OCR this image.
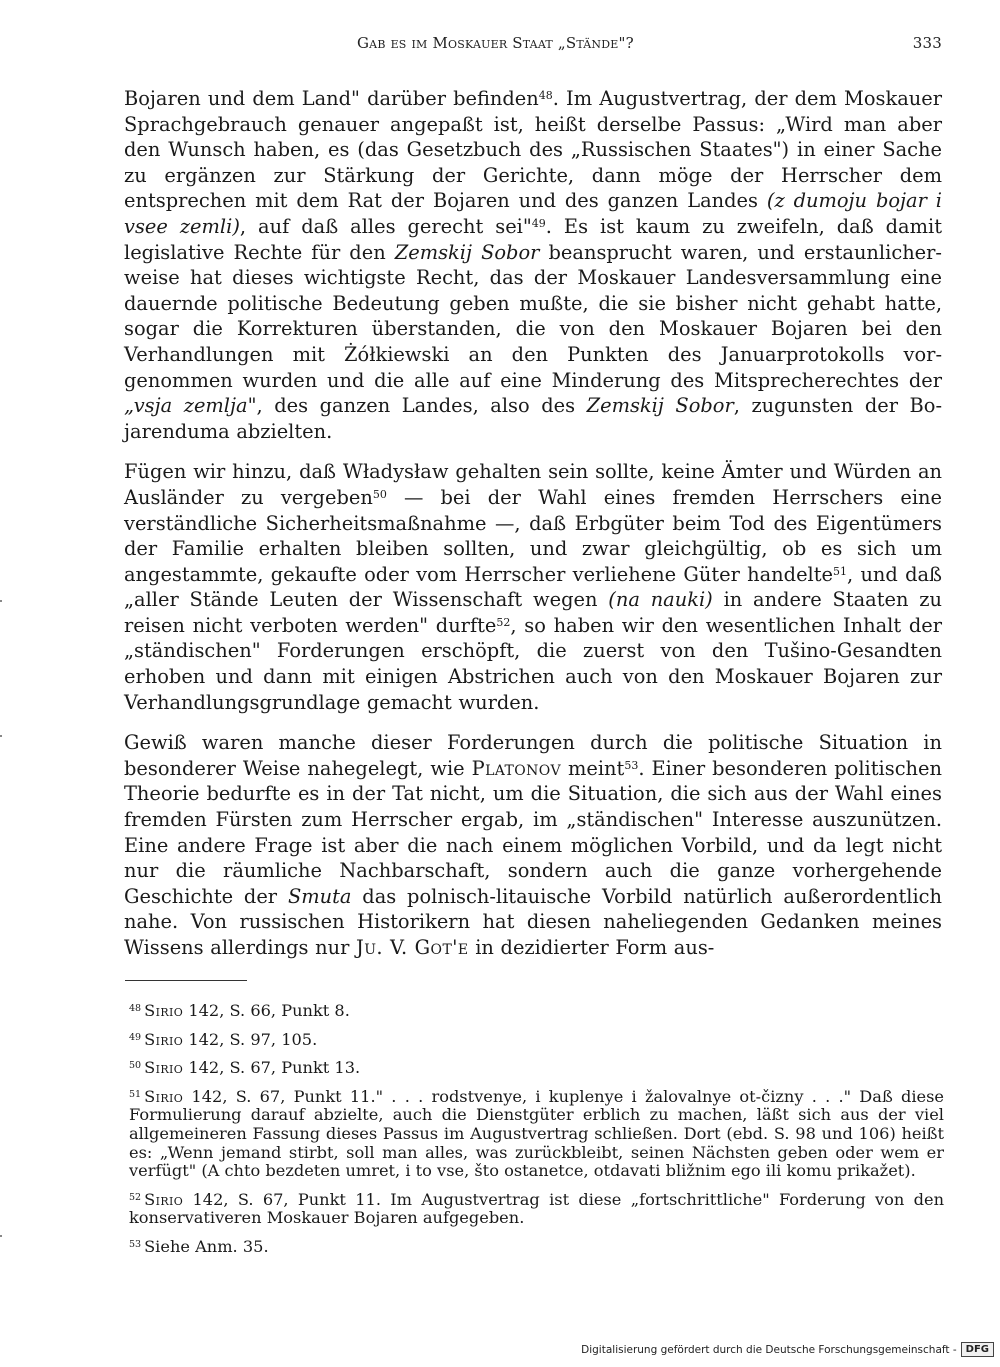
Gab es im Moskauer Staat „Stände"?	333

Bojaren und dem Land" darüber befinden$^{48}$. Im Augustvertrag, der dem Moskauer Sprachgebrauch genauer angepaßt ist, heißt derselbe Passus: „Wird man aber den Wunsch haben, es (das Gesetzbuch des „Russischen Staates") in einer Sache zu ergänzen zur Stärkung der Gerichte, dann möge der Herrscher dem entsprechen mit dem Rat der Bojaren und des ganzen Landes (z dumoju bojar i vsee zemli), auf daß alles gerecht sei"$^{49}$. Es ist kaum zu zweifeln, daß damit legislative Rechte für den Zemskij Sobor beansprucht waren, und erstaunlicherweise hat dieses wichtigste Recht, das der Moskauer Landesversammlung eine dauernde politische Bedeutung geben mußte, die sie bisher nicht gehabt hatte, sogar die Korrekturen überstanden, die von den Moskauer Bojaren bei den Verhandlungen mit Żółkiewski an den Punkten des Januarprotokolls vorgenommen wurden und die alle auf eine Minderung des Mitsprecherechtes der „vsja zemlja", des ganzen Landes, also des Zemskij Sobor, zugunsten der Bojarenduma abzielten.

Fügen wir hinzu, daß Władysław gehalten sein sollte, keine Ämter und Würden an Ausländer zu vergeben$^{50}$ — bei der Wahl eines fremden Herrschers eine verständliche Sicherheitsmaßnahme —, daß Erbgüter beim Tod des Eigentümers der Familie erhalten bleiben sollten, und zwar gleichgültig, ob es sich um angestammte, gekaufte oder vom Herrscher verliehene Güter handelte$^{51}$, und daß „aller Stände Leuten der Wissenschaft wegen (na nauki) in andere Staaten zu reisen nicht verboten werden" durfte$^{52}$, so haben wir den wesentlichen Inhalt der „ständischen" Forderungen erschöpft, die zuerst von den Tušino-Gesandten erhoben und dann mit einigen Abstrichen auch von den Moskauer Bojaren zur Verhandlungsgrundlage gemacht wurden.

Gewiß waren manche dieser Forderungen durch die politische Situation in besonderer Weise nahegelegt, wie Platonov meint$^{53}$. Einer besonderen politischen Theorie bedurfte es in der Tat nicht, um die Situation, die sich aus der Wahl eines fremden Fürsten zum Herrscher ergab, im „ständischen" Interesse auszunützen. Eine andere Frage ist aber die nach einem möglichen Vorbild, und da legt nicht nur die räumliche Nachbarschaft, sondern auch die ganze vorhergehende Geschichte der Smuta das polnisch-litauische Vorbild natürlich außerordentlich nahe. Von russischen Historikern hat diesen naheliegenden Gedanken meines Wissens allerdings nur Ju. V. Got'e in dezidierter Form aus-

$^{48}$ Sirio 142, S. 66, Punkt 8.
$^{49}$ Sirio 142, S. 97, 105.
$^{50}$ Sirio 142, S. 67, Punkt 13.
$^{51}$ Sirio 142, S. 67, Punkt 11." . . . rodstvenye, i kuplenye i žalovalnye ot-čizny . . ." Daß diese Formulierung darauf abzielte, auch die Dienstgüter erblich zu machen, läßt sich aus der viel allgemeineren Fassung dieses Passus im Augustvertrag schließen. Dort (ebd. S. 98 und 106) heißt es: „Wenn jemand stirbt, soll man alles, was zurückbleibt, seinen Nächsten geben oder wem er verfügt" (A chto bezdeten umret, i to vse, što ostanetce, otdavati bližnim ego ili komu prikažet).
$^{52}$ Sirio 142, S. 67, Punkt 11. Im Augustvertrag ist diese „fortschrittliche" Forderung von den konservativeren Moskauer Bojaren aufgegeben.
$^{53}$ Siehe Anm. 35.
Digitalisierung gefördert durch die Deutsche Forschungsgemeinschaft - DFG
